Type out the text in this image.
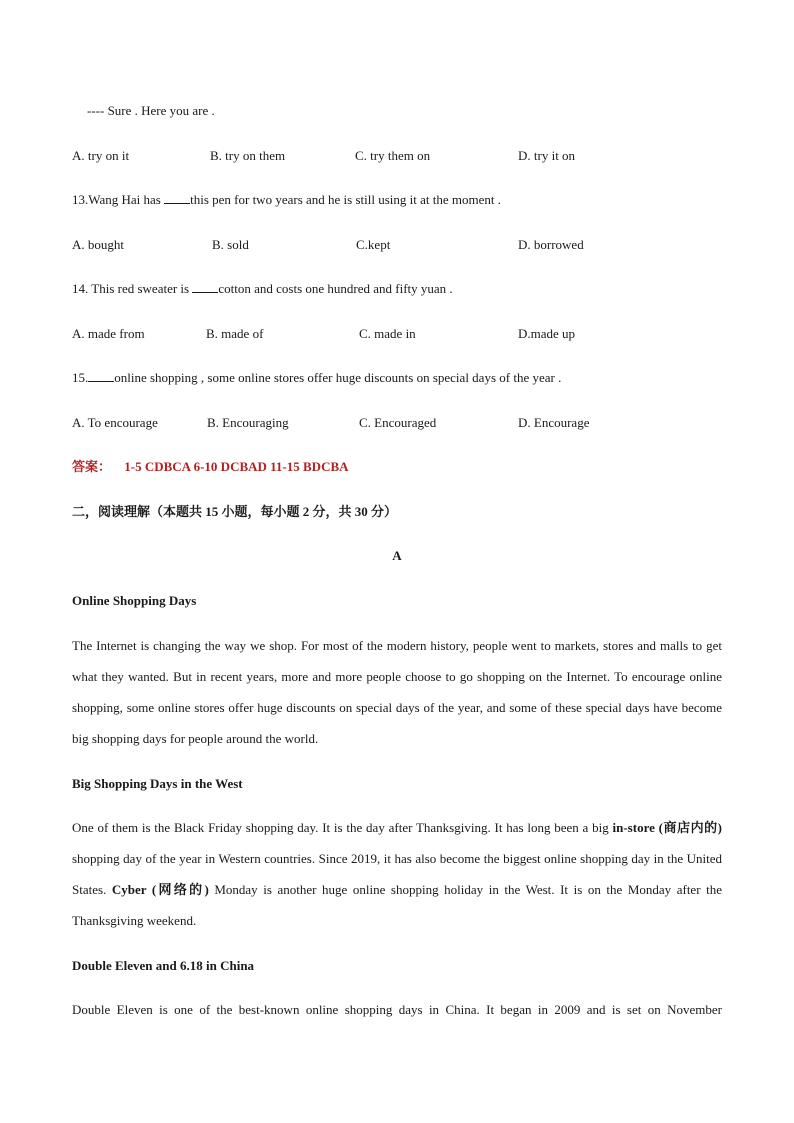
---- Sure . Here you are .
A. try on it	B. try on them	C. try them on	D. try it on
13.Wang Hai has this pen for two years and he is still using it at the moment .
A. bought	B. sold	C.kept	D. borrowed
14. This red sweater is cotton and costs one hundred and fifty yuan .
A. made from	B. made of	C. made in	D.made up
15. online shopping , some online stores offer huge discounts on special days of the year .
A. To encourage	B. Encouraging	C. Encouraged	D. Encourage
答案： 1-5 CDBCA 6-10 DCBAD 11-15 BDCBA
二，阅读理解（本题共 15 小题，每小题 2 分，共 30 分）
A
Online Shopping Days
The Internet is changing the way we shop. For most of the modern history, people went to markets, stores and malls to get what they wanted. But in recent years, more and more people choose to go shopping on the Internet. To encourage online shopping, some online stores offer huge discounts on special days of the year, and some of these special days have become big shopping days for people around the world.
Big Shopping Days in the West
One of them is the Black Friday shopping day. It is the day after Thanksgiving. It has long been a big in-store (商店内的) shopping day of the year in Western countries. Since 2019, it has also become the biggest online shopping day in the United States. Cyber (网络的) Monday is another huge online shopping holiday in the West. It is on the Monday after the Thanksgiving weekend.
Double Eleven and 6.18 in China
Double Eleven is one of the best-known online shopping days in China. It began in 2009 and is set on November
